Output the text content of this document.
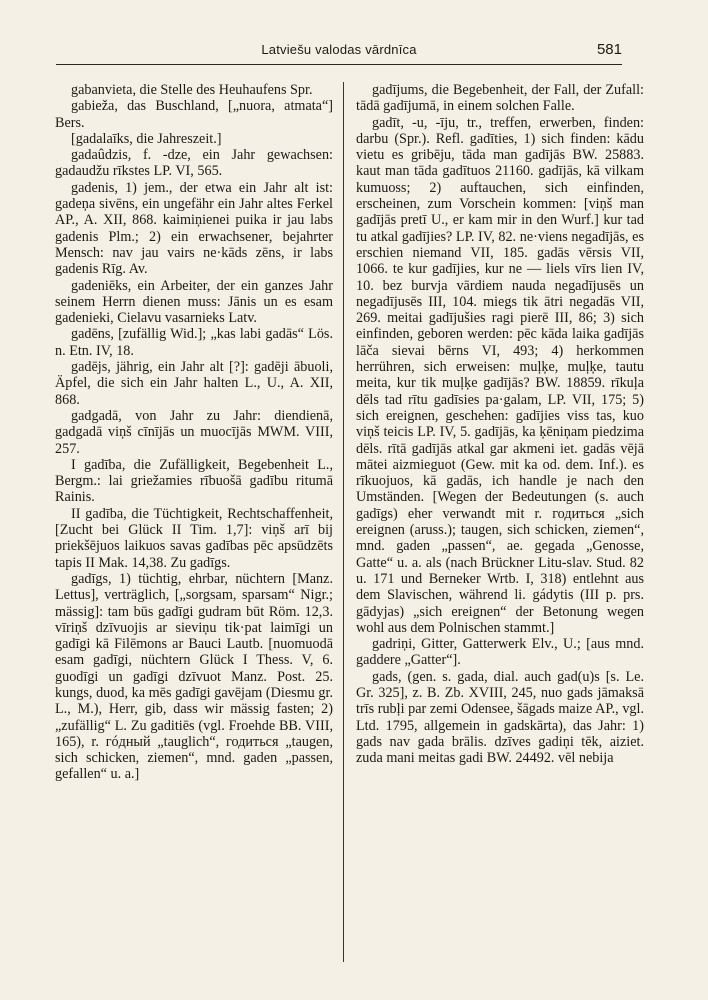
Latviešu valodas vārdnīca	581

gabanvieta, die Stelle des Heuhaufens Spr.

gabieža, das Buschland, [„nuora, atmata“] Bers.

[gadalaīks, die Jahreszeit.]

gadaûdzis, f. -dze, ein Jahr gewachsen: gadaudžu rīkstes LP. VI, 565.

gadenis, 1) jem., der etwa ein Jahr alt ist: gadeņa sivēns, ein ungefähr ein Jahr altes Ferkel AP., A. XII, 868. kaimiņienei puika ir jau labs gadenis Plm.; 2) ein erwachsener, bejahrter Mensch: nav jau vairs ne·kāds zēns, ir labs gadenis Rīg. Av.

gadeniēks, ein Arbeiter, der ein ganzes Jahr seinem Herrn dienen muss: Jānis un es esam gadenieki, Cielavu vasarnieks Latv.

gadēns, [zufällig Wid.]; „kas labi gadās“ Lös. n. Etn. IV, 18.

gadējs, jährig, ein Jahr alt [?]: gadēji ābuoli, Äpfel, die sich ein Jahr halten L., U., A. XII, 868.

gadgadā, von Jahr zu Jahr: diendienā, gadgadā viņš cīnījās un muocījās MWM. VIII, 257.

I gadība, die Zufälligkeit, Begebenheit L., Bergm.: lai griežamies rībuošā gadību ritumā Rainis.

II gadība, die Tüchtigkeit, Rechtschaffenheit, [Zucht bei Glück II Tim. 1,7]: viņš arī bij priekšējuos laikuos savas gadības pēc apsūdzēts tapis II Mak. 14,38. Zu gadīgs.

gadīgs, 1) tüchtig, ehrbar, nüchtern [Manz. Lettus], verträglich, [„sorgsam, sparsam“ Nigr.; mässig]: tam būs gadīgi gudram būt Röm. 12,3. vīriņš dzīvuojis ar sieviņu tik·pat laimīgi un gadīgi kā Filēmons ar Bauci Lautb. [nuomuodā esam gadīgi, nüchtern Glück I Thess. V, 6. guodīgi un gadīgi dzīvuot Manz. Post. 25. kungs, duod, ka mēs gadīgi gavējam (Diesmu gr. L., M.), Herr, gib, dass wir mässig fasten; 2) „zufällig“ L. Zu gaditiēs (vgl. Froehde BB. VIII, 165), r. гóдный „tauglich“, годиться „taugen, sich schicken, ziemen“, mnd. gaden „passen, gefallen“ u. a.]

gadījums, die Begebenheit, der Fall, der Zufall: tādā gadījumā, in einem solchen Falle.

gadīt, -u, -īju, tr., treffen, erwerben, finden: darbu (Spr.). Refl. gadīties, 1) sich finden: kādu vietu es gribēju, tāda man gadījās BW. 25883. kaut man tāda gadītuos 21160. gadījās, kā vilkam kumuoss; 2) auftauchen, sich einfinden, erscheinen, zum Vorschein kommen: [viņš man gadījās pretī U., er kam mir in den Wurf.] kur tad tu atkal gadījies? LP. IV, 82. ne·viens negadījās, es erschien niemand VII, 185. gadās vērsis VII, 1066. te kur gadījies, kur ne — liels vīrs lien IV, 10. bez burvja vārdiem nauda negadījusēs un negadījusēs III, 104. miegs tik ātri negadās VII, 269. meitai gadījušies ragi pierē III, 86; 3) sich einfinden, geboren werden: pēc kāda laika gadījās lāča sievai bērns VI, 493; 4) herkommen herrühren, sich erweisen: muļķe, muļķe, tautu meita, kur tik muļķe gadījās? BW. 18859. rīkuļa dēls tad rītu gadīsies pa·galam, LP. VII, 175; 5) sich ereignen, geschehen: gadījies viss tas, kuo viņš teicis LP. IV, 5. gadījās, ka ķēniņam piedzima dēls. rītā gadījās atkal gar akmeni iet. gadās vējā mātei aizmieguot (Gew. mit ka od. dem. Inf.). es rīkuojuos, kā gadās, ich handle je nach den Umständen. [Wegen der Bedeutungen (s. auch gadīgs) eher verwandt mit r. годиться „sich ereignen (aruss.); taugen, sich schicken, ziemen“, mnd. gaden „passen“, ae. gegada „Genosse, Gatte“ u. a. als (nach Brückner Litu-slav. Stud. 82 u. 171 und Berneker Wrtb. I, 318) entlehnt aus dem Slavischen, während li. gádytis (III p. prs. gādyjas) „sich ereignen“ der Betonung wegen wohl aus dem Polnischen stammt.]

gadriņi, Gitter, Gatterwerk Elv., U.; [aus mnd. gaddere „Gatter“].

gads, (gen. s. gada, dial. auch gad(u)s [s. Le. Gr. 325], z. B. Zb. XVIII, 245, nuo gads jāmaksā trīs rubļi par zemi Odensee, šāgads maize AP., vgl. Ltd. 1795, allgemein in gadskārta), das Jahr: 1) gads nav gada brālis. dzīves gadiņi tēk, aiziet. zuda mani meitas gadi BW. 24492. vēl nebija
